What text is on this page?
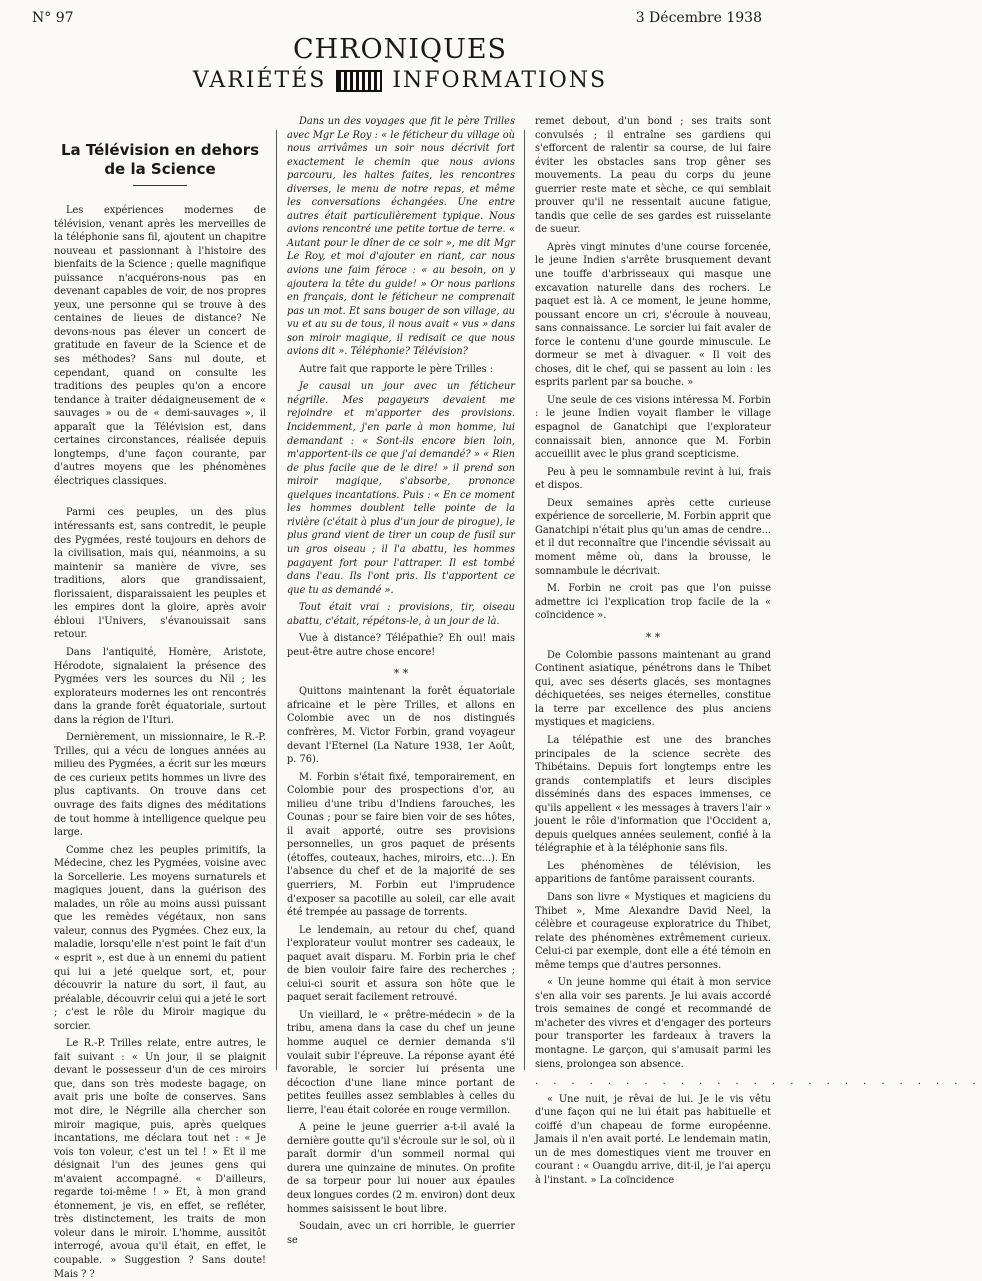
N° 97	3 Décembre 1938
CHRONIQUES
VARIÉTÉS	INFORMATIONS
La Télévision en dehors de la Science

Les expériences modernes de télévision, venant après les merveilles de la téléphonie sans fil, ajoutent un chapitre nouveau et passionnant à l'histoire des bienfaits de la Science ; quelle magnifique puissance n'acquérons-nous pas en devenant capables de voir, de nos propres yeux, une personne qui se trouve à des centaines de lieues de distance? Ne devons-nous pas élever un concert de gratitude en faveur de la Science et de ses méthodes? Sans nul doute, et cependant, quand on consulte les traditions des peuples qu'on a encore tendance à traiter dédaigneusement de « sauvages » ou de « demi-sauvages », il apparaît que la Télévision est, dans certaines circonstances, réalisée depuis longtemps, d'une façon courante, par d'autres moyens que les phénomènes électriques classiques.

Parmi ces peuples, un des plus intéressants est, sans contredit, le peuple des Pygmées, resté toujours en dehors de la civilisation, mais qui, néanmoins, a su maintenir sa manière de vivre, ses traditions, alors que grandissaient, florissaient, disparaissaient les peuples et les empires dont la gloire, après avoir ébloui l'Univers, s'évanouissait sans retour.

Dans l'antiquité, Homère, Aristote, Hérodote, signalaient la présence des Pygmées vers les sources du Nil ; les explorateurs modernes les ont rencontrés dans la grande forêt équatoriale, surtout dans la région de l'Ituri.

Dernièrement, un missionnaire, le R.-P. Trilles, qui a vécu de longues années au milieu des Pygmées, a écrit sur les mœurs de ces curieux petits hommes un livre des plus captivants. On trouve dans cet ouvrage des faits dignes des méditations de tout homme à intelligence quelque peu large.

Comme chez les peuples primitifs, la Médecine, chez les Pygmées, voisine avec la Sorcellerie. Les moyens surnaturels et magiques jouent, dans la guérison des malades, un rôle au moins aussi puissant que les remèdes végétaux, non sans valeur, connus des Pygmées. Chez eux, la maladie, lorsqu'elle n'est point le fait d'un « esprit », est due à un ennemi du patient qui lui a jeté quelque sort, et, pour découvrir la nature du sort, il faut, au préalable, découvrir celui qui a jeté le sort ; c'est le rôle du Miroir magique du sorcier.

Le R.-P. Trilles relate, entre autres, le fait suivant : « Un jour, il se plaignit devant le possesseur d'un de ces miroirs que, dans son très modeste bagage, on avait pris une boîte de conserves. Sans mot dire, le Négrille alla chercher son miroir magique, puis, après quelques incantations, me déclara tout net : « Je vois ton voleur, c'est un tel ! » Et il me désignait l'un des jeunes gens qui m'avaient accompagné. « D'ailleurs, regarde toi-même ! » Et, à mon grand étonnement, je vis, en effet, se refléter, très distinctement, les traits de mon voleur dans le miroir. L'homme, aussitôt interrogé, avoua qu'il était, en effet, le coupable. » Suggestion ? Sans doute! Mais ? ?

Dans un des voyages que fit le père Trilles avec Mgr Le Roy : « le féticheur du village où nous arrivâmes un soir nous décrivit fort exactement le chemin que nous avions parcouru, les haltes faites, les rencontres diverses, le menu de notre repas, et même les conversations échangées. Une entre autres était particulièrement typique. Nous avions rencontré une petite tortue de terre. « Autant pour le dîner de ce soir », me dit Mgr Le Roy, et moi d'ajouter en riant, car nous avions une faim féroce : « au besoin, on y ajoutera la tête du guide! » Or nous parlions en français, dont le féticheur ne comprenait pas un mot. Et sans bouger de son village, au vu et au su de tous, il nous avait « vus » dans son miroir magique, il redisait ce que nous avions dit ». Téléphonie? Télévision?

Autre fait que rapporte le père Trilles :

Je causai un jour avec un féticheur négrille. Mes pagayeurs devaient me rejoindre et m'apporter des provisions. Incidemment, j'en parle à mon homme, lui demandant : « Sont-ils encore bien loin, m'apportent-ils ce que j'ai demandé? » « Rien de plus facile que de le dire! » il prend son miroir magique, s'absorbe, prononce quelques incantations. Puis : « En ce moment les hommes doublent telle pointe de la rivière (c'était à plus d'un jour de pirogue), le plus grand vient de tirer un coup de fusil sur un gros oiseau ; il l'a abattu, les hommes pagayent fort pour l'attraper. Il est tombé dans l'eau. Ils l'ont pris. Ils t'apportent ce que tu as demandé ».

Tout était vrai : provisions, tir, oiseau abattu, c'était, répétons-le, à un jour de là.

Vue à distance? Télépathie? Eh oui! mais peut-être autre chose encore!

* *

Quittons maintenant la forêt équatoriale africaine et le père Trilles, et allons en Colombie avec un de nos distingués confrères, M. Victor Forbin, grand voyageur devant l'Eternel (La Nature 1938, 1er Août, p. 76).

M. Forbin s'était fixé, temporairement, en Colombie pour des prospections d'or, au milieu d'une tribu d'Indiens farouches, les Counas ; pour se faire bien voir de ses hôtes, il avait apporté, outre ses provisions personnelles, un gros paquet de présents (étoffes, couteaux, haches, miroirs, etc...). En l'absence du chef et de la majorité de ses guerriers, M. Forbin eut l'imprudence d'exposer sa pacotille au soleil, car elle avait été trempée au passage de torrents.

Le lendemain, au retour du chef, quand l'explorateur voulut montrer ses cadeaux, le paquet avait disparu. M. Forbin pria le chef de bien vouloir faire faire des recherches ; celui-ci sourit et assura son hôte que le paquet serait facilement retrouvé.

Un vieillard, le « prêtre-médecin » de la tribu, amena dans la case du chef un jeune homme auquel ce dernier demanda s'il voulait subir l'épreuve. La réponse ayant été favorable, le sorcier lui présenta une décoction d'une liane mince portant de petites feuilles assez semblables à celles du lierre, l'eau était colorée en rouge vermillon.

A peine le jeune guerrier a-t-il avalé la dernière goutte qu'il s'écroule sur le sol, où il paraît dormir d'un sommeil normal qui durera une quinzaine de minutes. On profite de sa torpeur pour lui nouer aux épaules deux longues cordes (2 m. environ) dont deux hommes saisissent le bout libre.

Soudain, avec un cri horrible, le guerrier se

remet debout, d'un bond ; ses traits sont convulsés ; il entraîne ses gardiens qui s'efforcent de ralentir sa course, de lui faire éviter les obstacles sans trop gêner ses mouvements. La peau du corps du jeune guerrier reste mate et sèche, ce qui semblait prouver qu'il ne ressentait aucune fatigue, tandis que celle de ses gardes est ruisselante de sueur.

Après vingt minutes d'une course forcenée, le jeune Indien s'arrête brusquement devant une touffe d'arbrisseaux qui masque une excavation naturelle dans des rochers. Le paquet est là. A ce moment, le jeune homme, poussant encore un cri, s'écroule à nouveau, sans connaissance. Le sorcier lui fait avaler de force le contenu d'une gourde minuscule. Le dormeur se met à divaguer. « Il voit des choses, dit le chef, qui se passent au loin : les esprits parlent par sa bouche. »

Une seule de ces visions intéressa M. Forbin : le jeune Indien voyait flamber le village espagnol de Ganatchipi que l'explorateur connaissait bien, annonce que M. Forbin accueillit avec le plus grand scepticisme.

Peu à peu le somnambule revint à lui, frais et dispos.

Deux semaines après cette curieuse expérience de sorcellerie, M. Forbin apprit que Ganatchipi n'était plus qu'un amas de cendre... et il dut reconnaître que l'incendie sévissait au moment même où, dans la brousse, le somnambule le décrivait.

M. Forbin ne croit pas que l'on puisse admettre ici l'explication trop facile de la « coïncidence ».

* *

De Colombie passons maintenant au grand Continent asiatique, pénétrons dans le Thibet qui, avec ses déserts glacés, ses montagnes déchiquetées, ses neiges éternelles, constitue la terre par excellence des plus anciens mystiques et magiciens.

La télépathie est une des branches principales de la science secrète des Thibétains. Depuis fort longtemps entre les grands contemplatifs et leurs disciples disséminés dans des espaces immenses, ce qu'ils appellent « les messages à travers l'air » jouent le rôle d'information que l'Occident a, depuis quelques années seulement, confié à la télégraphie et à la téléphonie sans fils.

Les phénomènes de télévision, les apparitions de fantôme paraissent courants.

Dans son livre « Mystiques et magiciens du Thibet », Mme Alexandre David Neel, la célèbre et courageuse exploratrice du Thibet, relate des phénomènes extrêmement curieux. Celui-ci par exemple, dont elle a été témoin en même temps que d'autres personnes.

« Un jeune homme qui était à mon service s'en alla voir ses parents. Je lui avais accordé trois semaines de congé et recommandé de m'acheter des vivres et d'engager des porteurs pour transporter les fardeaux à travers la montagne. Le garçon, qui s'amusait parmi les siens, prolongea son absence.

. . . . . . . . . . . . . . . . . . . . . . . . .

« Une nuit, je rêvai de lui. Je le vis vêtu d'une façon qui ne lui était pas habituelle et coiffé d'un chapeau de forme européenne. Jamais il n'en avait porté. Le lendemain matin, un de mes domestiques vient me trouver en courant : « Ouangdu arrive, dit-il, je l'ai aperçu à l'instant. » La coïncidence
